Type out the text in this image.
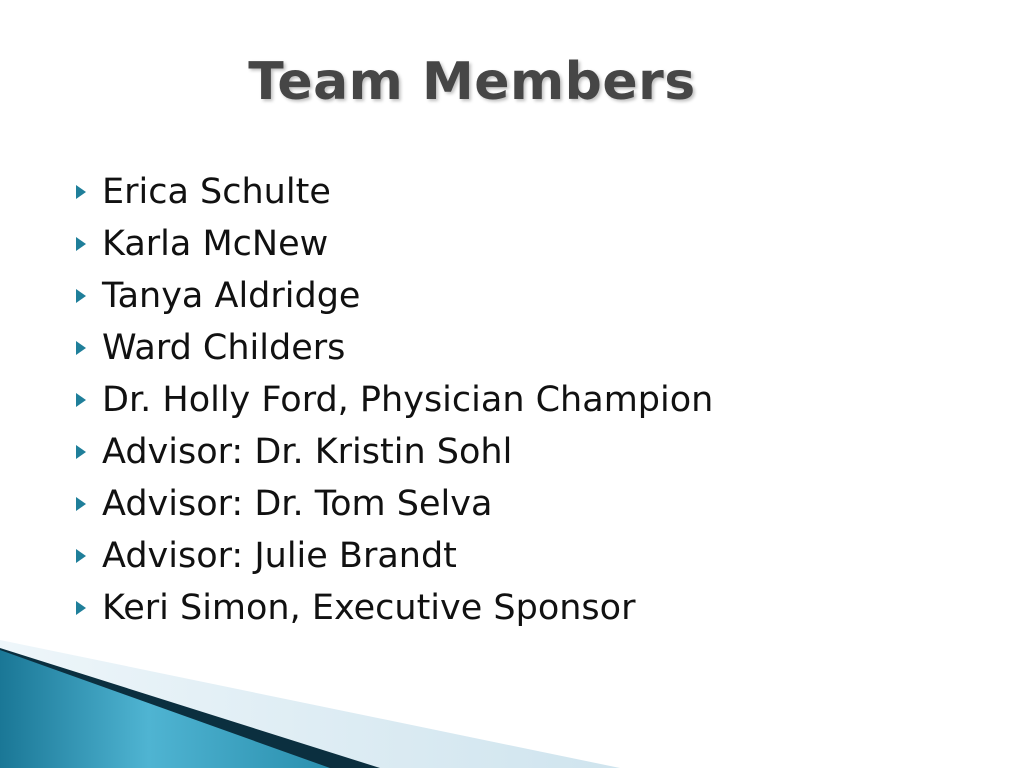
Team Members
Erica Schulte
Karla McNew
Tanya Aldridge
Ward Childers
Dr. Holly Ford, Physician Champion
Advisor: Dr. Kristin Sohl
Advisor: Dr. Tom Selva
Advisor: Julie Brandt
Keri Simon, Executive Sponsor
